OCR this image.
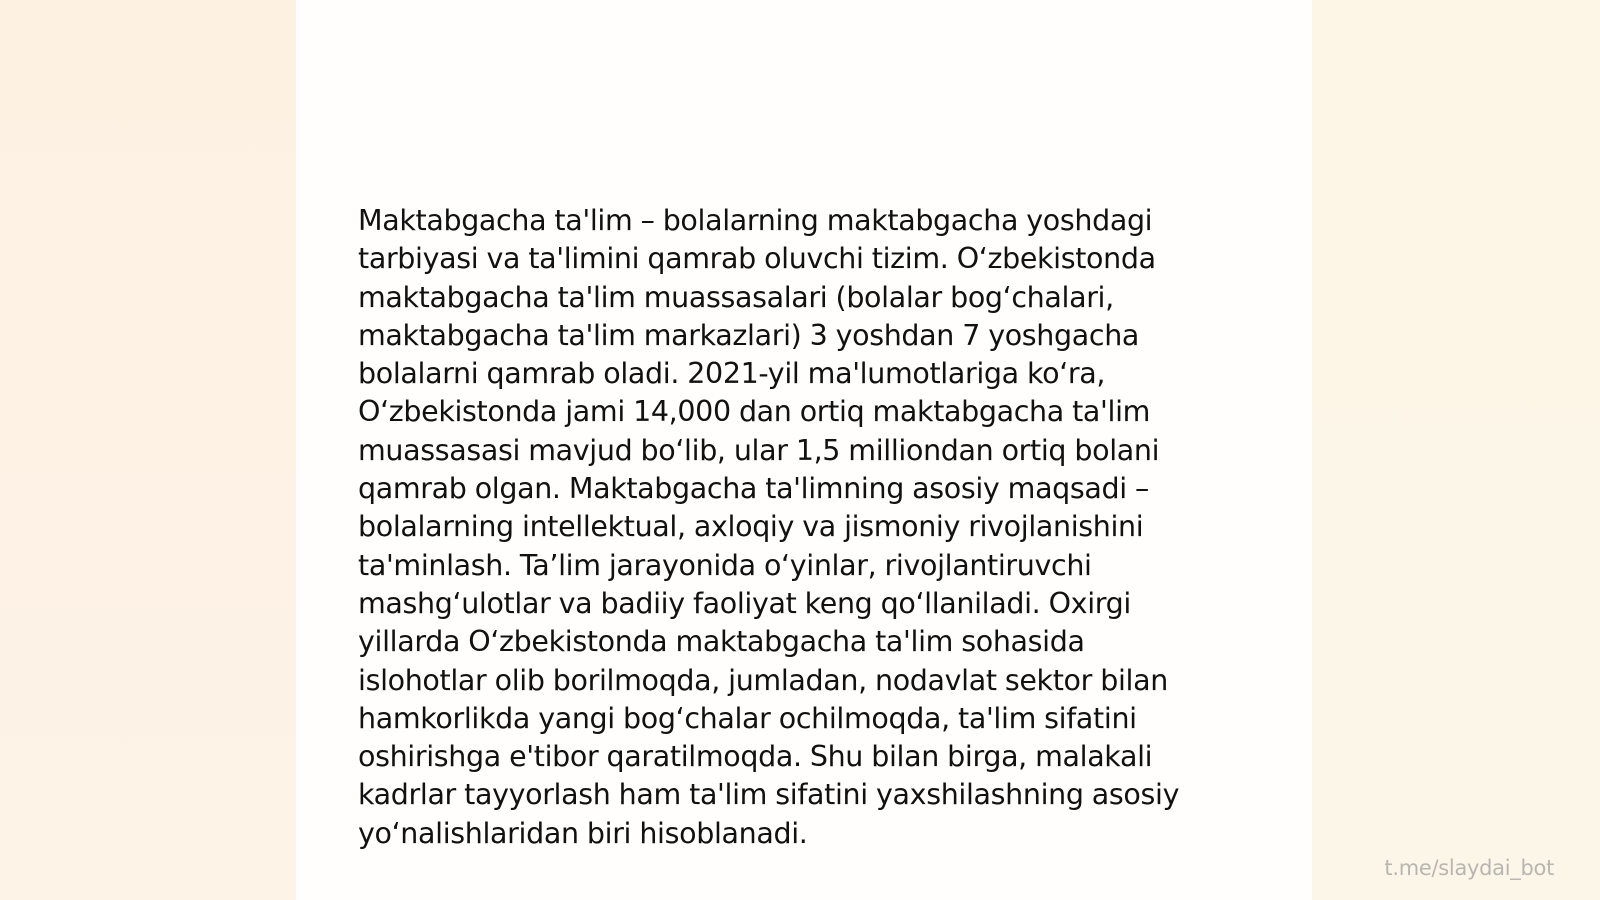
Maktabgacha ta'lim – bolalarning maktabgacha yoshdagi
tarbiyasi va ta'limini qamrab oluvchi tizim. O‘zbekistonda
maktabgacha ta'lim muassasalari (bolalar bog‘chalari,
maktabgacha ta'lim markazlari) 3 yoshdan 7 yoshgacha
bolalarni qamrab oladi. 2021-yil ma'lumotlariga ko‘ra,
O‘zbekistonda jami 14,000 dan ortiq maktabgacha ta'lim
muassasasi mavjud bo‘lib, ular 1,5 milliondan ortiq bolani
qamrab olgan. Maktabgacha ta'limning asosiy maqsadi –
bolalarning intellektual, axloqiy va jismoniy rivojlanishini
ta'minlash. Ta’lim jarayonida o‘yinlar, rivojlantiruvchi
mashg‘ulotlar va badiiy faoliyat keng qo‘llaniladi. Oxirgi
yillarda O‘zbekistonda maktabgacha ta'lim sohasida
islohotlar olib borilmoqda, jumladan, nodavlat sektor bilan
hamkorlikda yangi bog‘chalar ochilmoqda, ta'lim sifatini
oshirishga e'tibor qaratilmoqda. Shu bilan birga, malakali
kadrlar tayyorlash ham ta'lim sifatini yaxshilashning asosiy
yo‘nalishlaridan biri hisoblanadi.

t.me/slaydai_bot
